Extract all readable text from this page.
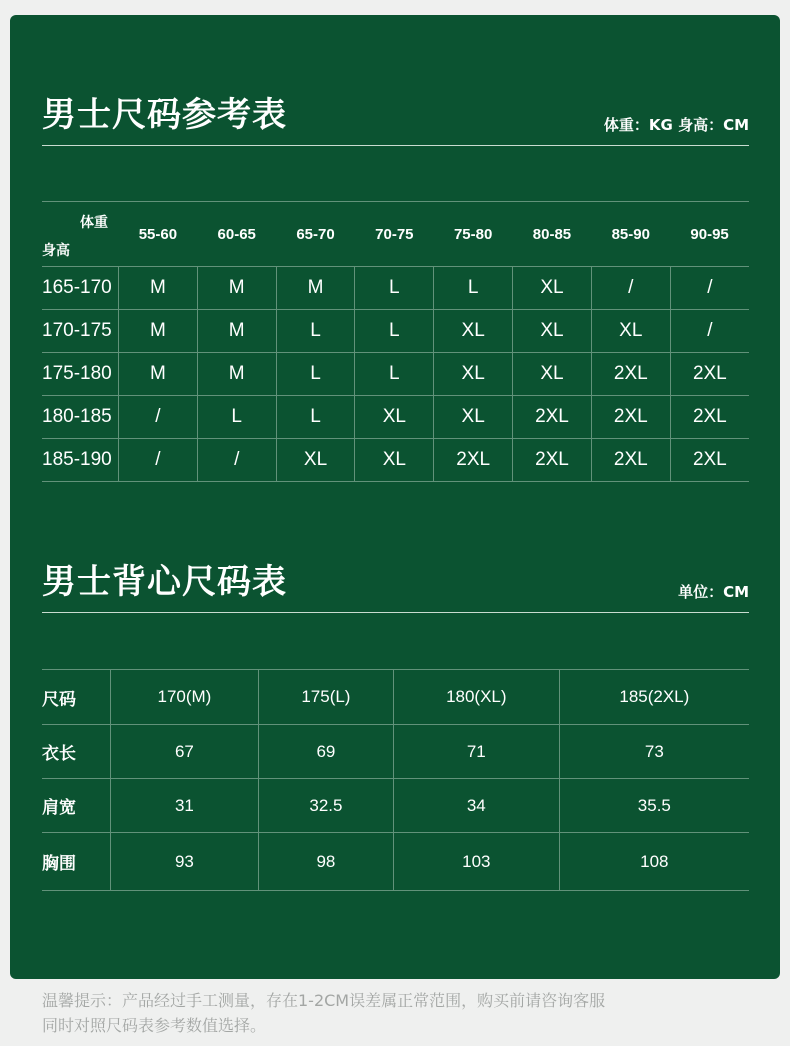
男士尺码参考表	体重：KG 身高：CM
体重
身高	55-60	60-65	65-70	70-75	75-80	80-85	85-90	90-95
165-170	M	M	M	L	L	XL	/	/
170-175	M	M	L	L	XL	XL	XL	/
175-180	M	M	L	L	XL	XL	2XL	2XL
180-185	/	L	L	XL	XL	2XL	2XL	2XL
185-190	/	/	XL	XL	2XL	2XL	2XL	2XL
男士背心尺码表	单位：CM
尺码	170(M)	175(L)	180(XL)	185(2XL)
衣长	67	69	71	73
肩宽	31	32.5	34	35.5
胸围	93	98	103	108
温馨提示：产品经过手工测量，存在1-2CM误差属正常范围，购买前请咨询客服
同时对照尺码表参考数值选择。
